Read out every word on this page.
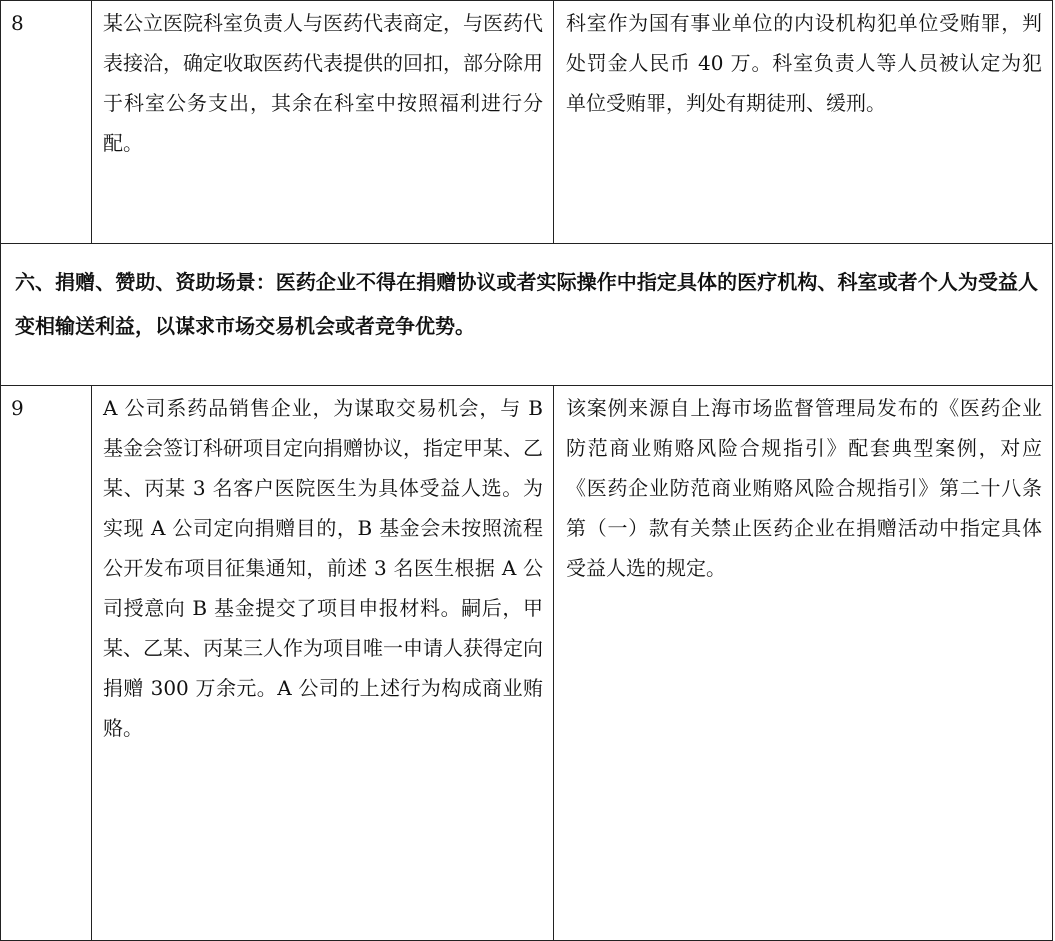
8	某公立医院科室负责人与医药代表商定，与医药代表接洽，确定收取医药代表提供的回扣，部分除用于科室公务支出，其余在科室中按照福利进行分配。	科室作为国有事业单位的内设机构犯单位受贿罪，判处罚金人民币 40 万。科室负责人等人员被认定为犯单位受贿罪，判处有期徒刑、缓刑。
六、捐赠、赞助、资助场景：医药企业不得在捐赠协议或者实际操作中指定具体的医疗机构、科室或者个人为受益人变相输送利益，以谋求市场交易机会或者竞争优势。		
9	A 公司系药品销售企业，为谋取交易机会，与 B 基金会签订科研项目定向捐赠协议，指定甲某、乙某、丙某 3 名客户医院医生为具体受益人选。为实现 A 公司定向捐赠目的，B 基金会未按照流程公开发布项目征集通知，前述 3 名医生根据 A 公司授意向 B 基金提交了项目申报材料。嗣后，甲某、乙某、丙某三人作为项目唯一申请人获得定向捐赠 300 万余元。A 公司的上述行为构成商业贿赂。	该案例来源自上海市场监督管理局发布的《医药企业防范商业贿赂风险合规指引》配套典型案例，对应《医药企业防范商业贿赂风险合规指引》第二十八条第（一）款有关禁止医药企业在捐赠活动中指定具体受益人选的规定。
